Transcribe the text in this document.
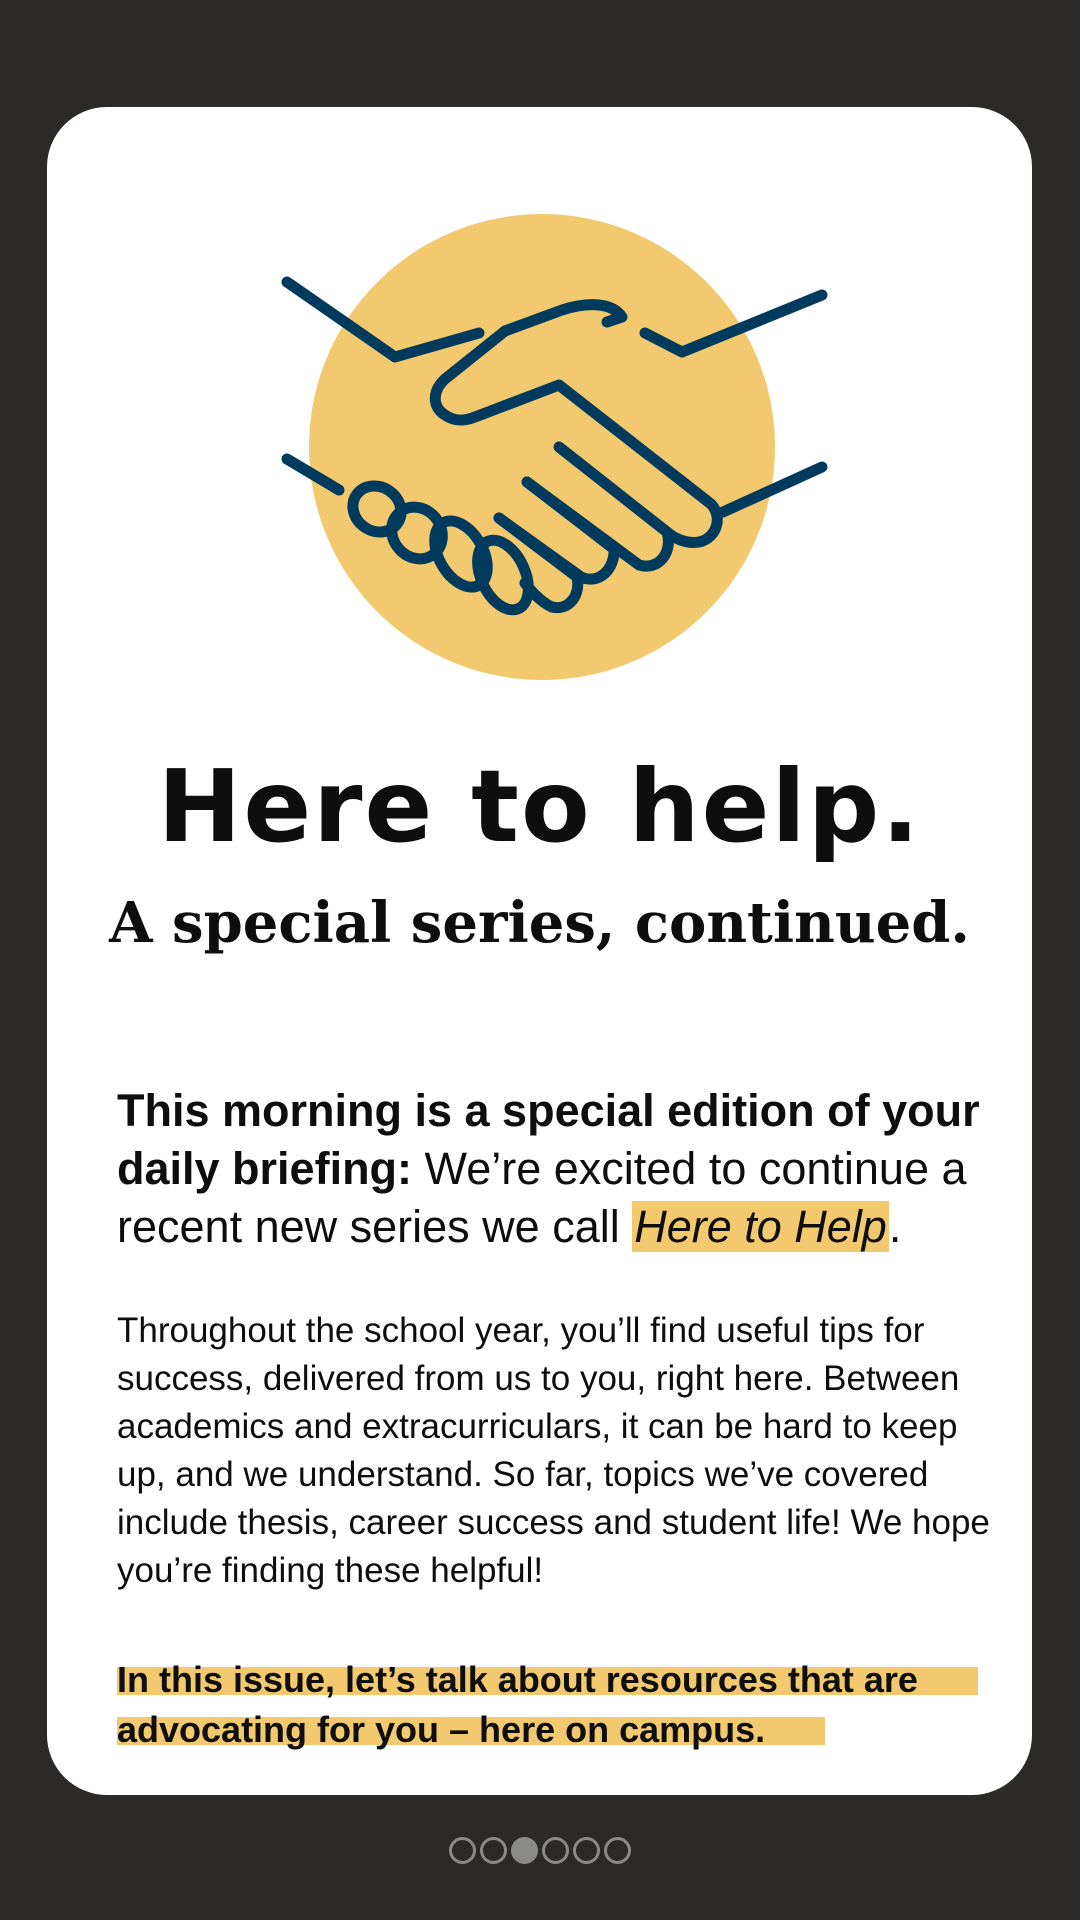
Here to help.
A special series, continued.

This morning is a special edition of your daily briefing: We’re excited to continue a recent new series we call Here to Help.

Throughout the school year, you’ll find useful tips for success, delivered from us to you, right here. Between academics and extracurriculars, it can be hard to keep up, and we understand. So far, topics we’ve covered include thesis, career success and student life! We hope you’re finding these helpful!

In this issue, let’s talk about resources that are advocating for you – here on campus.
